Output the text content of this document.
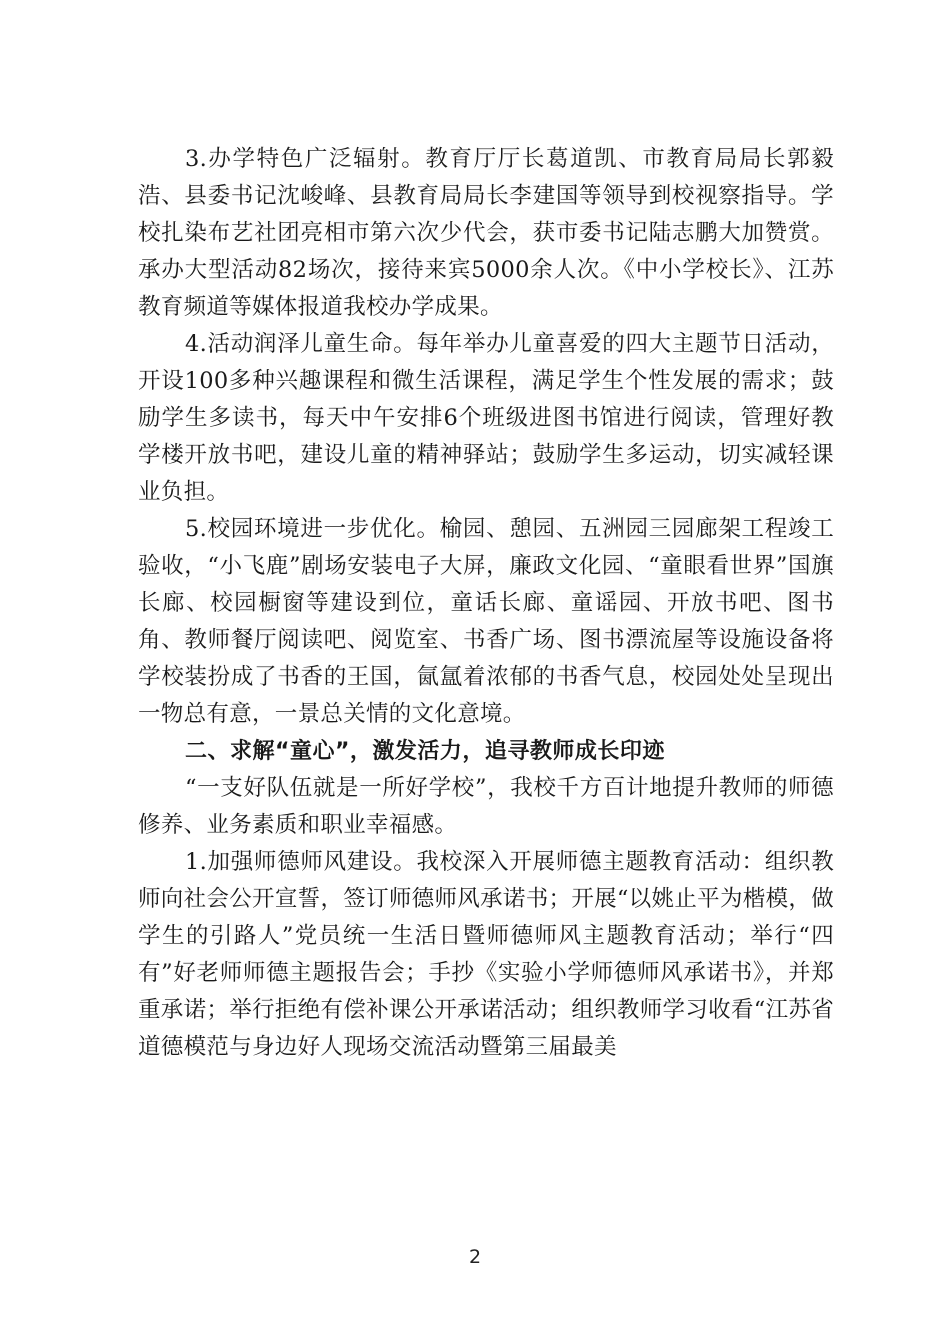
3.办学特色广泛辐射。教育厅厅长葛道凯、市教育局局长郭毅浩、县委书记沈峻峰、县教育局局长李建国等领导到校视察指导。学校扎染布艺社团亮相市第六次少代会，获市委书记陆志鹏大加赞赏。承办大型活动82场次，接待来宾5000余人次。《中小学校长》、江苏教育频道等媒体报道我校办学成果。

4.活动润泽儿童生命。每年举办儿童喜爱的四大主题节日活动，开设100多种兴趣课程和微生活课程，满足学生个性发展的需求；鼓励学生多读书，每天中午安排6个班级进图书馆进行阅读，管理好教学楼开放书吧，建设儿童的精神驿站；鼓励学生多运动，切实减轻课业负担。

5.校园环境进一步优化。榆园、憩园、五洲园三园廊架工程竣工验收，“小飞鹿”剧场安装电子大屏，廉政文化园、“童眼看世界”国旗长廊、校园橱窗等建设到位，童话长廊、童谣园、开放书吧、图书角、教师餐厅阅读吧、阅览室、书香广场、图书漂流屋等设施设备将学校装扮成了书香的王国，氤氲着浓郁的书香气息，校园处处呈现出一物总有意，一景总关情的文化意境。

二、求解“童心”，激发活力，追寻教师成长印迹

“一支好队伍就是一所好学校”，我校千方百计地提升教师的师德修养、业务素质和职业幸福感。

1.加强师德师风建设。我校深入开展师德主题教育活动：组织教师向社会公开宣誓，签订师德师风承诺书；开展“以姚止平为楷模，做学生的引路人”党员统一生活日暨师德师风主题教育活动；举行“四有”好老师师德主题报告会；手抄《实验小学师德师风承诺书》，并郑重承诺；举行拒绝有偿补课公开承诺活动；组织教师学习收看“江苏省道德模范与身边好人现场交流活动暨第三届最美

2
